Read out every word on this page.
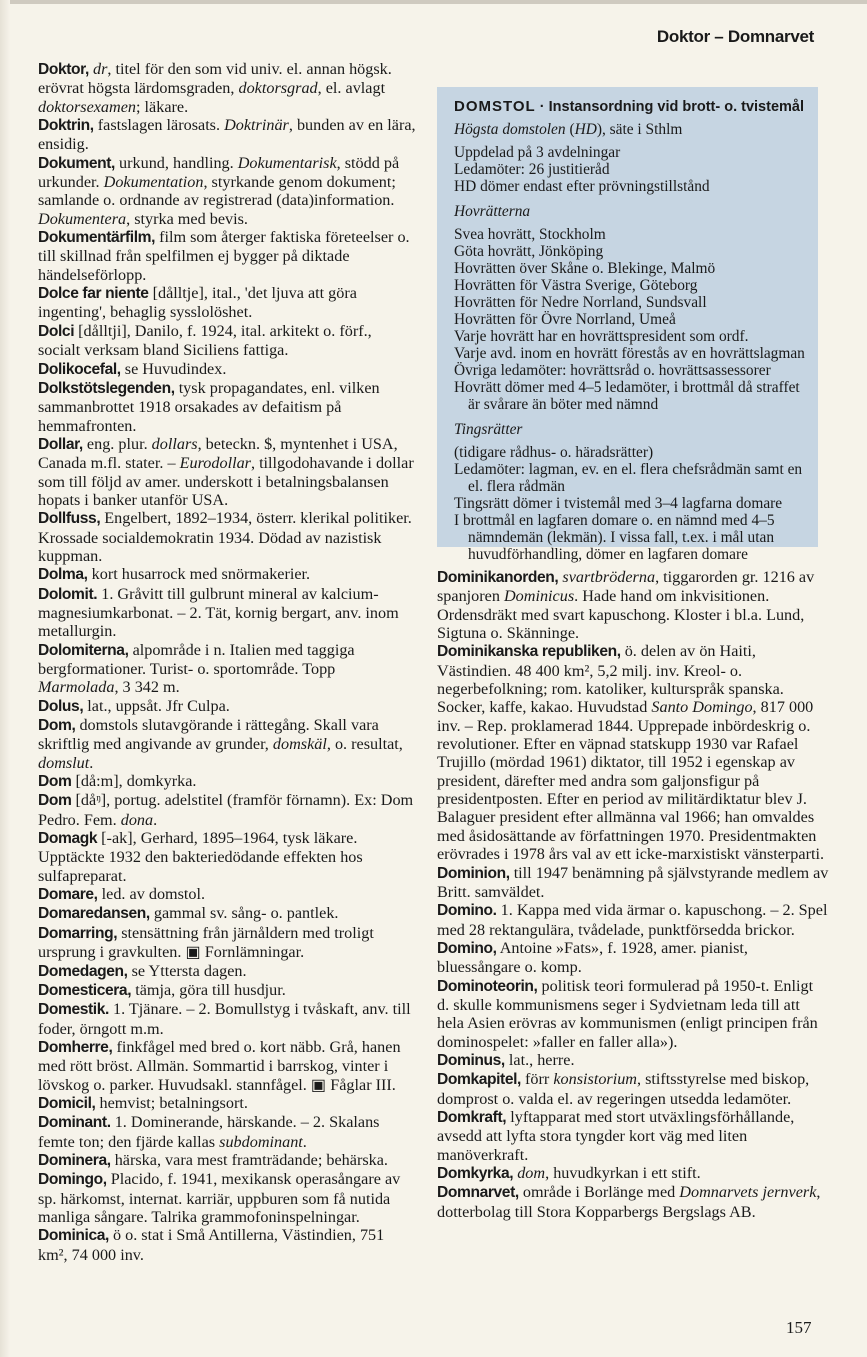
Doktor – Domnarvet

Doktor, dr, titel för den som vid univ. el. annan högsk. erövrat högsta lärdomsgraden, doktorsgrad, el. avlagt doktorsexamen; läkare.

Doktrin, fastslagen lärosats. Doktrinär, bunden av en lära, ensidig.

Dokument, urkund, handling. Dokumentarisk, stödd på urkunder. Dokumentation, styrkande genom dokument; samlande o. ordnande av registrerad (data)information. Dokumentera, styrka med bevis.

Dokumentärfilm, film som återger faktiska företeelser o. till skillnad från spelfilmen ej bygger på diktade händelseförlopp.

Dolce far niente [dålltje], ital., 'det ljuva att göra ingenting', behaglig sysslolöshet.

Dolci [dålltji], Danilo, f. 1924, ital. arkitekt o. förf., socialt verksam bland Siciliens fattiga.

Dolikocefal, se Huvudindex.

Dolkstötslegenden, tysk propagandates, enl. vilken sammanbrottet 1918 orsakades av defaitism på hemmafronten.

Dollar, eng. plur. dollars, beteckn. $, myntenhet i USA, Canada m.fl. stater. – Eurodollar, tillgodohavande i dollar som till följd av amer. underskott i betalningsbalansen hopats i banker utanför USA.

Dollfuss, Engelbert, 1892–1934, österr. klerikal politiker. Krossade socialdemokratin 1934. Dödad av nazistisk kuppman.

Dolma, kort husarrock med snörmakerier.

Dolomit. 1. Gråvitt till gulbrunt mineral av kalcium-magnesiumkarbonat. – 2. Tät, kornig bergart, anv. inom metallurgin.

Dolomiterna, alpområde i n. Italien med taggiga bergformationer. Turist- o. sportområde. Topp Marmolada, 3 342 m.

Dolus, lat., uppsåt. Jfr Culpa.

Dom, domstols slutavgörande i rättegång. Skall vara skriftlig med angivande av grunder, domskäl, o. resultat, domslut.

Dom [då:m], domkyrka.

Dom [dåᵑ], portug. adelstitel (framför förnamn). Ex: Dom Pedro. Fem. dona.

Domagk [-ak], Gerhard, 1895–1964, tysk läkare. Upptäckte 1932 den bakteriedödande effekten hos sulfapreparat.

Domare, led. av domstol.

Domaredansen, gammal sv. sång- o. pantlek.

Domarring, stensättning från järnåldern med troligt ursprung i gravkulten. ▣ Fornlämningar.

Domedagen, se Yttersta dagen.

Domesticera, tämja, göra till husdjur.

Domestik. 1. Tjänare. – 2. Bomullstyg i tvåskaft, anv. till foder, örngott m.m.

Domherre, finkfågel med bred o. kort näbb. Grå, hanen med rött bröst. Allmän. Sommartid i barrskog, vinter i lövskog o. parker. Huvudsakl. stannfågel. ▣ Fåglar III.

Domicil, hemvist; betalningsort.

Dominant. 1. Dominerande, härskande. – 2. Skalans femte ton; den fjärde kallas subdominant.

Dominera, härska, vara mest framträdande; behärska.

Domingo, Placido, f. 1941, mexikansk operasångare av sp. härkomst, internat. karriär, uppburen som få nutida manliga sångare. Talrika grammofoninspelningar.

Dominica, ö o. stat i Små Antillerna, Västindien, 751 km², 74 000 inv.

DOMSTOL · Instansordning vid brott- o. tvistemål
Högsta domstolen (HD), säte i Sthlm
Uppdelad på 3 avdelningar
Ledamöter: 26 justitieråd
HD dömer endast efter prövningstillstånd
Hovrätterna
Svea hovrätt, Stockholm
Göta hovrätt, Jönköping
Hovrätten över Skåne o. Blekinge, Malmö
Hovrätten för Västra Sverige, Göteborg
Hovrätten för Nedre Norrland, Sundsvall
Hovrätten för Övre Norrland, Umeå
Varje hovrätt har en hovrättspresident som ordf.
Varje avd. inom en hovrätt förestås av en hovrättslagman
Övriga ledamöter: hovrättsråd o. hovrättsassessorer
Hovrätt dömer med 4–5 ledamöter, i brottmål då straffet är svårare än böter med nämnd
Tingsrätter
(tidigare rådhus- o. häradsrätter)
Ledamöter: lagman, ev. en el. flera chefsrådmän samt en el. flera rådmän
Tingsrätt dömer i tvistemål med 3–4 lagfarna domare
I brottmål en lagfaren domare o. en nämnd med 4–5 nämndemän (lekmän). I vissa fall, t.ex. i mål utan huvudförhandling, dömer en lagfaren domare

Dominikanorden, svartbröderna, tiggarorden gr. 1216 av spanjoren Dominicus. Hade hand om inkvisitionen. Ordensdräkt med svart kapuschong. Kloster i bl.a. Lund, Sigtuna o. Skänninge.

Dominikanska republiken, ö. delen av ön Haiti, Västindien. 48 400 km², 5,2 milj. inv. Kreol- o. negerbefolkning; rom. katoliker, kulturspråk spanska. Socker, kaffe, kakao. Huvudstad Santo Domingo, 817 000 inv. – Rep. proklamerad 1844. Upprepade inbördeskrig o. revolutioner. Efter en väpnad statskupp 1930 var Rafael Trujillo (mördad 1961) diktator, till 1952 i egenskap av president, därefter med andra som galjonsfigur på presidentposten. Efter en period av militärdiktatur blev J. Balaguer president efter allmänna val 1966; han omvaldes med åsidosättande av författningen 1970. Presidentmakten erövrades i 1978 års val av ett icke-marxistiskt vänsterparti.

Dominion, till 1947 benämning på självstyrande medlem av Britt. samväldet.

Domino. 1. Kappa med vida ärmar o. kapuschong. – 2. Spel med 28 rektangulära, tvådelade, punktförsedda brickor.

Domino, Antoine »Fats», f. 1928, amer. pianist, bluessångare o. komp.

Dominoteorin, politisk teori formulerad på 1950-t. Enligt d. skulle kommunismens seger i Sydvietnam leda till att hela Asien erövras av kommunismen (enligt principen från dominospelet: »faller en faller alla»).

Dominus, lat., herre.

Domkapitel, förr konsistorium, stiftsstyrelse med biskop, domprost o. valda el. av regeringen utsedda ledamöter.

Domkraft, lyftapparat med stort utväxlingsförhållande, avsedd att lyfta stora tyngder kort väg med liten manöverkraft.

Domkyrka, dom, huvudkyrkan i ett stift.

Domnarvet, område i Borlänge med Domnarvets jernverk, dotterbolag till Stora Kopparbergs Bergslags AB.

157
